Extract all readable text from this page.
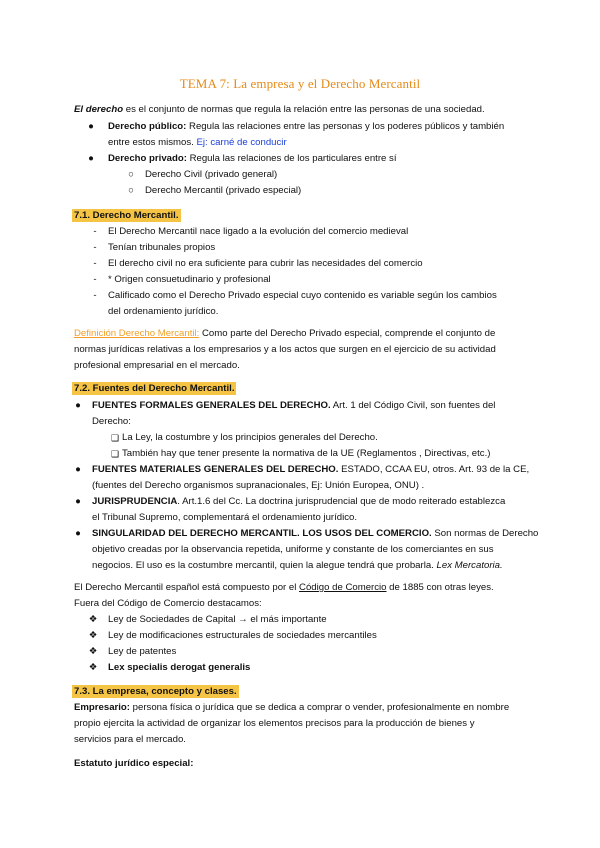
TEMA 7: La empresa y el Derecho Mercantil
El derecho es el conjunto de normas que regula la relación entre las personas de una sociedad.
● Derecho público: Regula las relaciones entre las personas y los poderes públicos y también
entre estos mismos. Ej: carné de conducir
● Derecho privado: Regula las relaciones de los particulares entre sí
○ Derecho Civil (privado general)
○ Derecho Mercantil (privado especial)
7.1. Derecho Mercantil.
-	El Derecho Mercantil nace ligado a la evolución del comercio medieval
-	Tenían tribunales propios
-	El derecho civil no era suficiente para cubrir las necesidades del comercio
-	* Origen consuetudinario y profesional
-	Calificado como el Derecho Privado especial cuyo contenido es variable según los cambios
del ordenamiento jurídico.
Definición Derecho Mercantil: Como parte del Derecho Privado especial, comprende el conjunto de
normas jurídicas relativas a los empresarios y a los actos que surgen en el ejercicio de su actividad
profesional empresarial en el mercado.
7.2. Fuentes del Derecho Mercantil.
● FUENTES FORMALES GENERALES DEL DERECHO. Art. 1 del Código Civil, son fuentes del
Derecho:
❑ La Ley, la costumbre y los principios generales del Derecho.
❑ También hay que tener presente la normativa de la UE (Reglamentos , Directivas, etc.)
● FUENTES MATERIALES GENERALES DEL DERECHO. ESTADO, CCAA EU, otros. Art. 93 de la CE,
(fuentes del Derecho organismos supranacionales, Ej: Unión Europea, ONU) .
● JURISPRUDENCIA. Art.1.6 del Cc. La doctrina jurisprudencial que de modo reiterado establezca
el Tribunal Supremo, complementará el ordenamiento jurídico.
● SINGULARIDAD DEL DERECHO MERCANTIL. LOS USOS DEL COMERCIO. Son normas de Derecho
objetivo creadas por la observancia repetida, uniforme y constante de los comerciantes en sus
negocios. El uso es la costumbre mercantil, quien la alegue tendrá que probarla. Lex Mercatoria.
El Derecho Mercantil español está compuesto por el Código de Comercio de 1885 con otras leyes.
Fuera del Código de Comercio destacamos:
❖ Ley de Sociedades de Capital → el más importante
❖ Ley de modificaciones estructurales de sociedades mercantiles
❖ Ley de patentes
❖ Lex specialis derogat generalis
7.3. La empresa, concepto y clases.
Empresario: persona física o jurídica que se dedica a comprar o vender, profesionalmente en nombre
propio ejercita la actividad de organizar los elementos precisos para la producción de bienes y
servicios para el mercado.
Estatuto jurídico especial:
